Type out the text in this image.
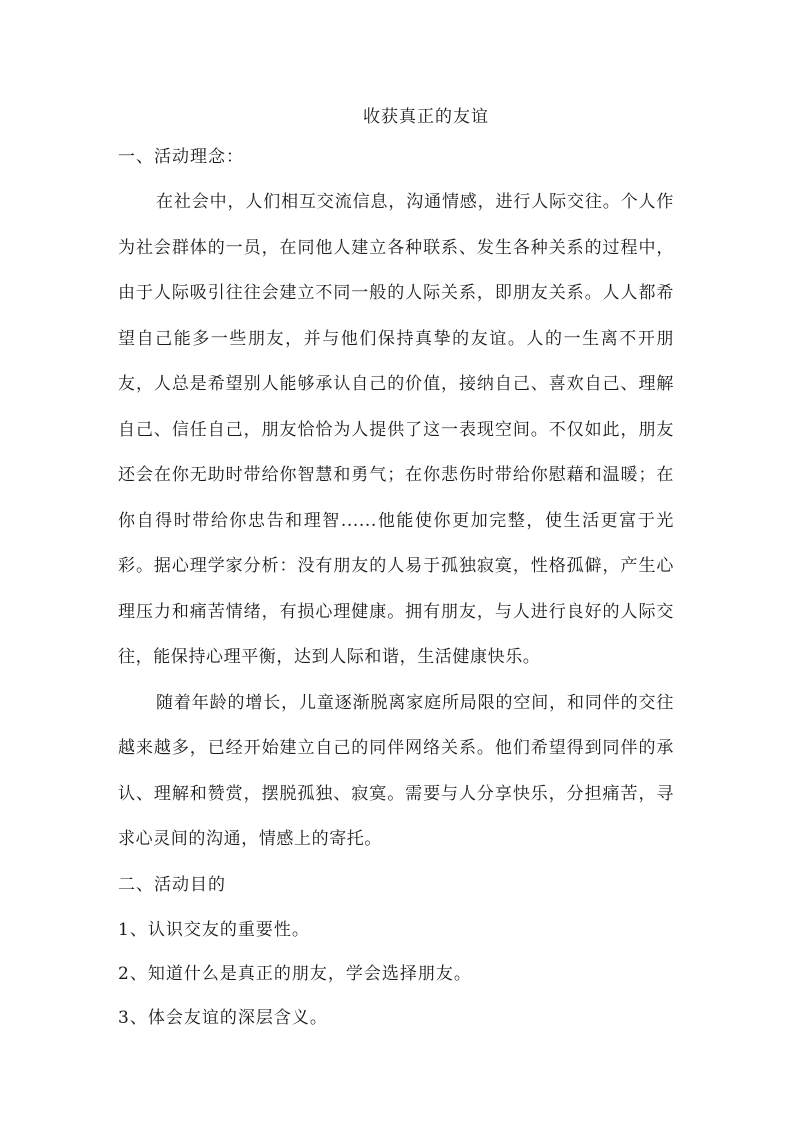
收获真正的友谊

一、活动理念：

在社会中，人们相互交流信息，沟通情感，进行人际交往。个人作为社会群体的一员，在同他人建立各种联系、发生各种关系的过程中，由于人际吸引往往会建立不同一般的人际关系，即朋友关系。人人都希望自己能多一些朋友，并与他们保持真挚的友谊。人的一生离不开朋友，人总是希望别人能够承认自己的价值，接纳自己、喜欢自己、理解自己、信任自己，朋友恰恰为人提供了这一表现空间。不仅如此，朋友还会在你无助时带给你智慧和勇气；在你悲伤时带给你慰藉和温暖；在你自得时带给你忠告和理智......他能使你更加完整，使生活更富于光彩。据心理学家分析：没有朋友的人易于孤独寂寞，性格孤僻，产生心理压力和痛苦情绪，有损心理健康。拥有朋友，与人进行良好的人际交往，能保持心理平衡，达到人际和谐，生活健康快乐。

随着年龄的增长，儿童逐渐脱离家庭所局限的空间，和同伴的交往越来越多，已经开始建立自己的同伴网络关系。他们希望得到同伴的承认、理解和赞赏，摆脱孤独、寂寞。需要与人分享快乐，分担痛苦，寻求心灵间的沟通，情感上的寄托。

二、活动目的

1、认识交友的重要性。

2、知道什么是真正的朋友，学会选择朋友。

3、体会友谊的深层含义。
